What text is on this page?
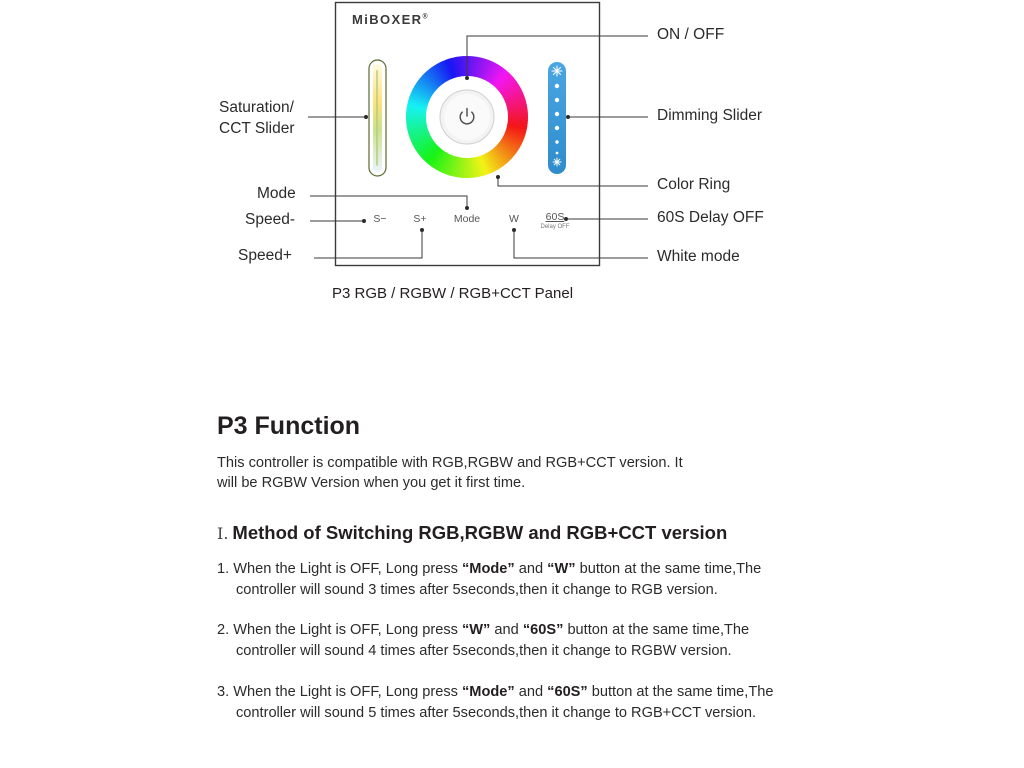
MiBOXER®
S−	S+	Mode	W	60S
Delay OFF
ON / OFF
Dimming Slider
Color Ring
60S Delay OFF
White mode
Saturation/
CCT Slider
Mode
Speed-
Speed+
P3 RGB / RGBW / RGB+CCT Panel
P3 Function
This controller is compatible with RGB,RGBW and RGB+CCT version. It
will be RGBW Version when you get it first time.
Ⅰ. Method of Switching RGB,RGBW and RGB+CCT version
1. When the Light is OFF, Long press “Mode” and “W” button at the same time,The controller will sound 3 times after 5seconds,then it change to RGB version.
2. When the Light is OFF, Long press “W” and “60S” button at the same time,The controller will sound 4 times after 5seconds,then it change to RGBW version.
3. When the Light is OFF, Long press “Mode” and “60S” button at the same time,The controller will sound 5 times after 5seconds,then it change to RGB+CCT version.
